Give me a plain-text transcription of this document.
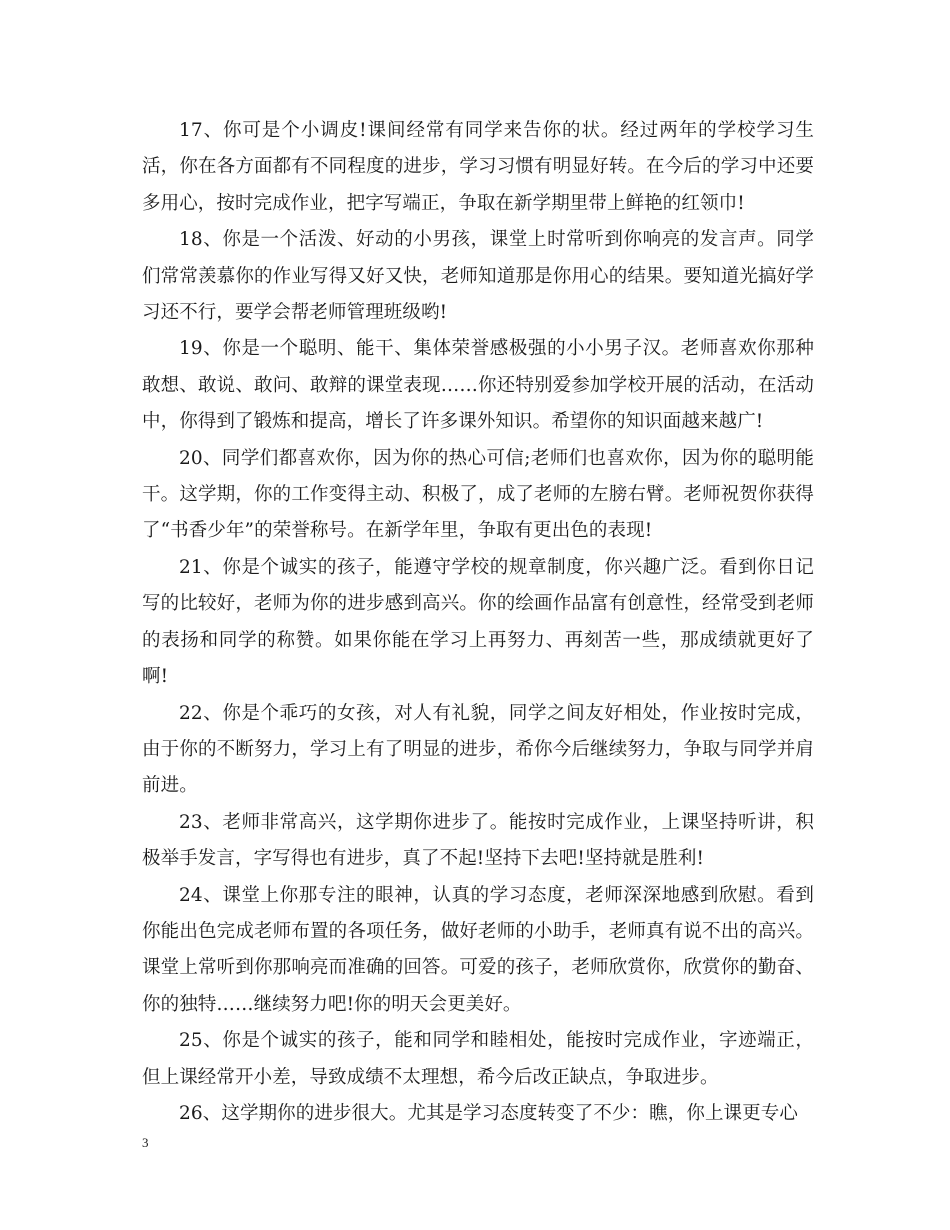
17、你可是个小调皮!课间经常有同学来告你的状。经过两年的学校学习生活，你在各方面都有不同程度的进步，学习习惯有明显好转。在今后的学习中还要多用心，按时完成作业，把字写端正，争取在新学期里带上鲜艳的红领巾!

18、你是一个活泼、好动的小男孩，课堂上时常听到你响亮的发言声。同学们常常羡慕你的作业写得又好又快，老师知道那是你用心的结果。要知道光搞好学习还不行，要学会帮老师管理班级哟!

19、你是一个聪明、能干、集体荣誉感极强的小小男子汉。老师喜欢你那种敢想、敢说、敢问、敢辩的课堂表现……你还特别爱参加学校开展的活动，在活动中，你得到了锻炼和提高，增长了许多课外知识。希望你的知识面越来越广!

20、同学们都喜欢你，因为你的热心可信;老师们也喜欢你，因为你的聪明能干。这学期，你的工作变得主动、积极了，成了老师的左膀右臂。老师祝贺你获得了“书香少年”的荣誉称号。在新学年里，争取有更出色的表现!

21、你是个诚实的孩子，能遵守学校的规章制度，你兴趣广泛。看到你日记写的比较好，老师为你的进步感到高兴。你的绘画作品富有创意性，经常受到老师的表扬和同学的称赞。如果你能在学习上再努力、再刻苦一些，那成绩就更好了啊!

22、你是个乖巧的女孩，对人有礼貌，同学之间友好相处，作业按时完成，由于你的不断努力，学习上有了明显的进步，希你今后继续努力，争取与同学并肩前进。

23、老师非常高兴，这学期你进步了。能按时完成作业，上课坚持听讲，积极举手发言，字写得也有进步，真了不起!坚持下去吧!坚持就是胜利!

24、课堂上你那专注的眼神，认真的学习态度，老师深深地感到欣慰。看到你能出色完成老师布置的各项任务，做好老师的小助手，老师真有说不出的高兴。课堂上常听到你那响亮而准确的回答。可爱的孩子，老师欣赏你，欣赏你的勤奋、你的独特……继续努力吧!你的明天会更美好。

25、你是个诚实的孩子，能和同学和睦相处，能按时完成作业，字迹端正，但上课经常开小差，导致成绩不太理想，希今后改正缺点，争取进步。

26、这学期你的进步很大。尤其是学习态度转变了不少：瞧，你上课更专心

3
